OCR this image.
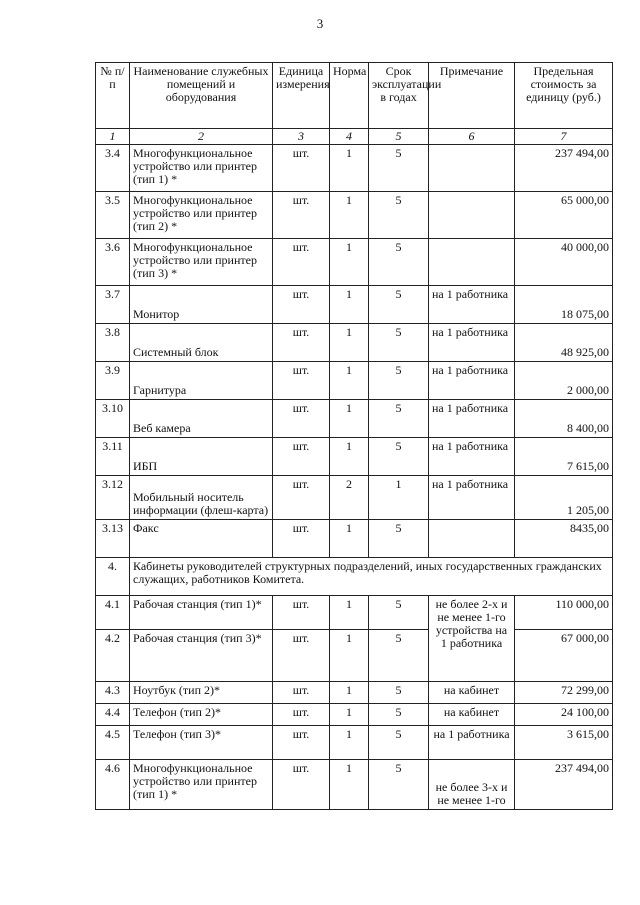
3
№ п/п	Наименование служебных помещений и оборудования	Единица измерения	Норма	Срок эксплуатации в годах	Примечание	Предельная стоимость за единицу (руб.)
1	2	3	4	5	6	7
3.4	Многофункциональное устройство или принтер (тип 1) *	шт.	1	5		237 494,00
3.5	Многофункциональное устройство или принтер (тип 2) *	шт.	1	5		65 000,00
3.6	Многофункциональное устройство или принтер (тип 3) *	шт.	1	5		40 000,00
3.7	Монитор	шт.	1	5	на 1 работника	18 075,00
3.8	Системный блок	шт.	1	5	на 1 работника	48 925,00
3.9	Гарнитура	шт.	1	5	на 1 работника	2 000,00
3.10	Веб камера	шт.	1	5	на 1 работника	8 400,00
3.11	ИБП	шт.	1	5	на 1 работника	7 615,00
3.12	Мобильный носитель информации (флеш-карта)	шт.	2	1	на 1 работника	1 205,00
3.13	Факс	шт.	1	5		8435,00
4.	Кабинеты руководителей структурных подразделений, иных государственных гражданских служащих, работников Комитета.					
4.1	Рабочая станция (тип 1)*	шт.	1	5	не более 2-х и не менее 1-го устройства на 1 работника	110 000,00
4.2	Рабочая станция (тип 3)*	шт.	1	5		67 000,00
4.3	Ноутбук (тип 2)*	шт.	1	5	на кабинет	72 299,00
4.4	Телефон (тип 2)*	шт.	1	5	на кабинет	24 100,00
4.5	Телефон (тип 3)*	шт.	1	5	на 1 работника	3 615,00
4.6	Многофункциональное устройство или принтер (тип 1) *	шт.	1	5	не более 3-х и не менее 1-го	237 494,00
